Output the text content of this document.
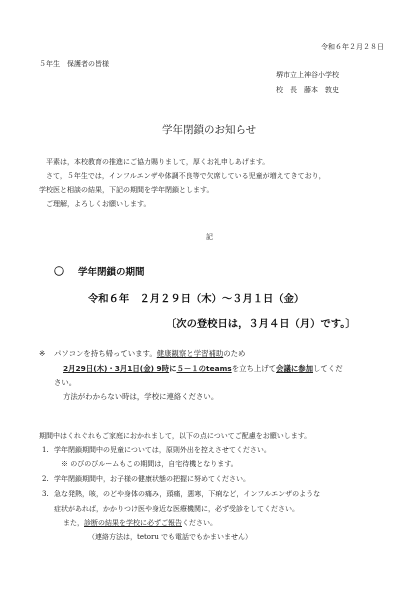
令和６年２月２８日
５年生　保護者の皆様
堺市立上神谷小学校
校　長　藤本　敦史
学年閉鎖のお知らせ
平素は，本校教育の推進にご協力賜りまして，厚くお礼申しあげます。
さて，５年生では，インフルエンザや体調不良等で欠席している児童が増えてきており，
学校医と相談の結果，下記の期間を学年閉鎖とします。
ご理解，よろしくお願いします。
記
〇 学年閉鎖の期間
令和６年　２月２９日（木）～３月１日（金）
〔次の登校日は，３月４日（月）です。〕
※ パソコンを持ち帰っています。健康観察と学習補助のため
2月29日(木)・3月1日(金) 9時に５－１のteamsを立ち上げて会議に参加してくだ
さい。
方法がわからない時は，学校に連絡ください。
期間中はくれぐれもご家庭におかれまして，以下の点についてご配慮をお願いします。
1. 学年閉鎖期間中の児童については，原則外出を控えさせてください。
※ のびのびルームもこの期間は，自宅待機となります。
2. 学年閉鎖期間中，お子様の健康状態の把握に努めてください。
3. 急な発熱，咳，のどや身体の痛み，頭痛，悪寒，下痢など，インフルエンザのような
症状があれば，かかりつけ医や身近な医療機関に，必ず受診をしてください。
また，診断の結果を学校に必ずご報告ください。
（連絡方法は，tetoru でも電話でもかまいません）
